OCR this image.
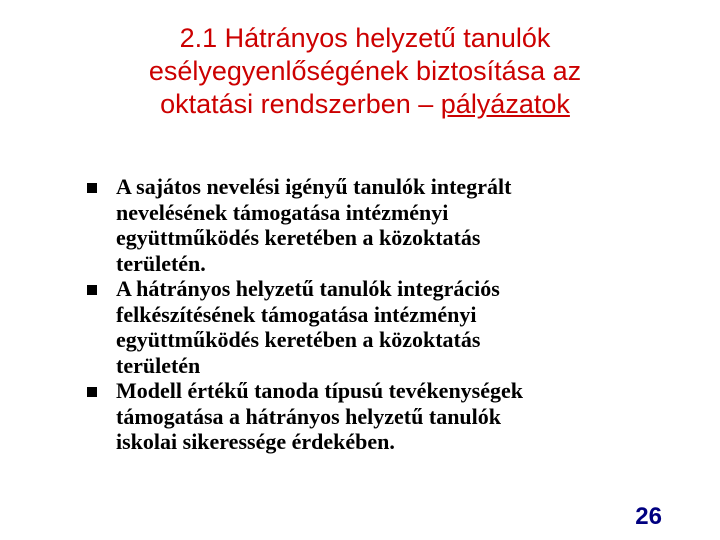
2.1 Hátrányos helyzetű tanulók
esélyegyenlőségének biztosítása az
oktatási rendszerben – pályázatok
A sajátos nevelési igényű tanulók integrált
nevelésének támogatása intézményi
együttműködés keretében a közoktatás
területén.
A hátrányos helyzetű tanulók integrációs
felkészítésének támogatása intézményi
együttműködés keretében a közoktatás
területén
Modell értékű tanoda típusú tevékenységek
támogatása a hátrányos helyzetű tanulók
iskolai sikeressége érdekében.
26
